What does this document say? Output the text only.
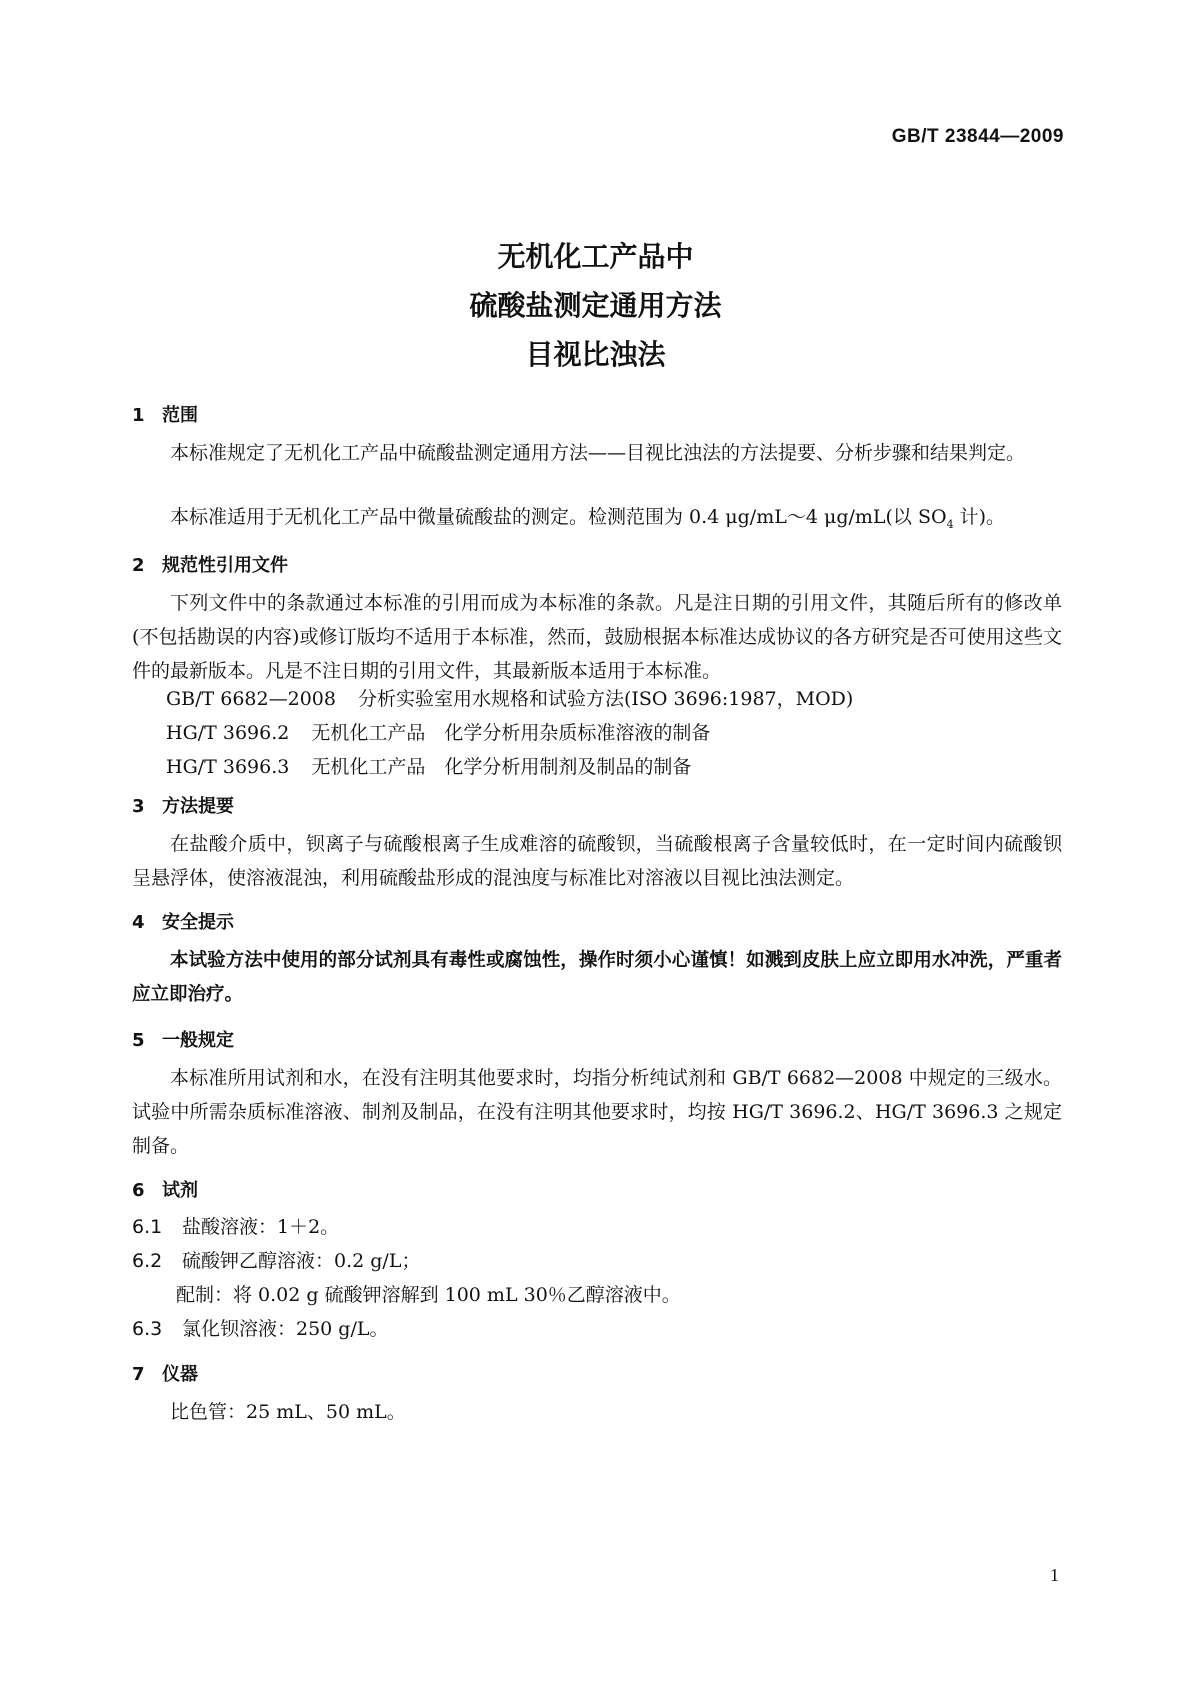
GB/T 23844—2009
无机化工产品中
硫酸盐测定通用方法
目视比浊法
1 范围
本标准规定了无机化工产品中硫酸盐测定通用方法——目视比浊法的方法提要、分析步骤和结果判定。
本标准适用于无机化工产品中微量硫酸盐的测定。检测范围为 0.4 μg/mL～4 μg/mL(以 $SO_4$ 计)。
2 规范性引用文件
下列文件中的条款通过本标准的引用而成为本标准的条款。凡是注日期的引用文件，其随后所有的修改单(不包括勘误的内容)或修订版均不适用于本标准，然而，鼓励根据本标准达成协议的各方研究是否可使用这些文件的最新版本。凡是不注日期的引用文件，其最新版本适用于本标准。
GB/T 6682—2008 分析实验室用水规格和试验方法(ISO 3696:1987，MOD)
HG/T 3696.2 无机化工产品　化学分析用杂质标准溶液的制备
HG/T 3696.3 无机化工产品　化学分析用制剂及制品的制备
3 方法提要
在盐酸介质中，钡离子与硫酸根离子生成难溶的硫酸钡，当硫酸根离子含量较低时，在一定时间内硫酸钡呈悬浮体，使溶液混浊，利用硫酸盐形成的混浊度与标准比对溶液以目视比浊法测定。
4 安全提示
本试验方法中使用的部分试剂具有毒性或腐蚀性，操作时须小心谨慎！如溅到皮肤上应立即用水冲洗，严重者应立即治疗。
5 一般规定
本标准所用试剂和水，在没有注明其他要求时，均指分析纯试剂和 GB/T 6682—2008 中规定的三级水。试验中所需杂质标准溶液、制剂及制品，在没有注明其他要求时，均按 HG/T 3696.2、HG/T 3696.3 之规定制备。
6 试剂
6.1 盐酸溶液：1＋2。
6.2 硫酸钾乙醇溶液：0.2 g/L；
配制：将 0.02 g 硫酸钾溶解到 100 mL 30％乙醇溶液中。
6.3 氯化钡溶液：250 g/L。
7 仪器
比色管：25 mL、50 mL。
1
